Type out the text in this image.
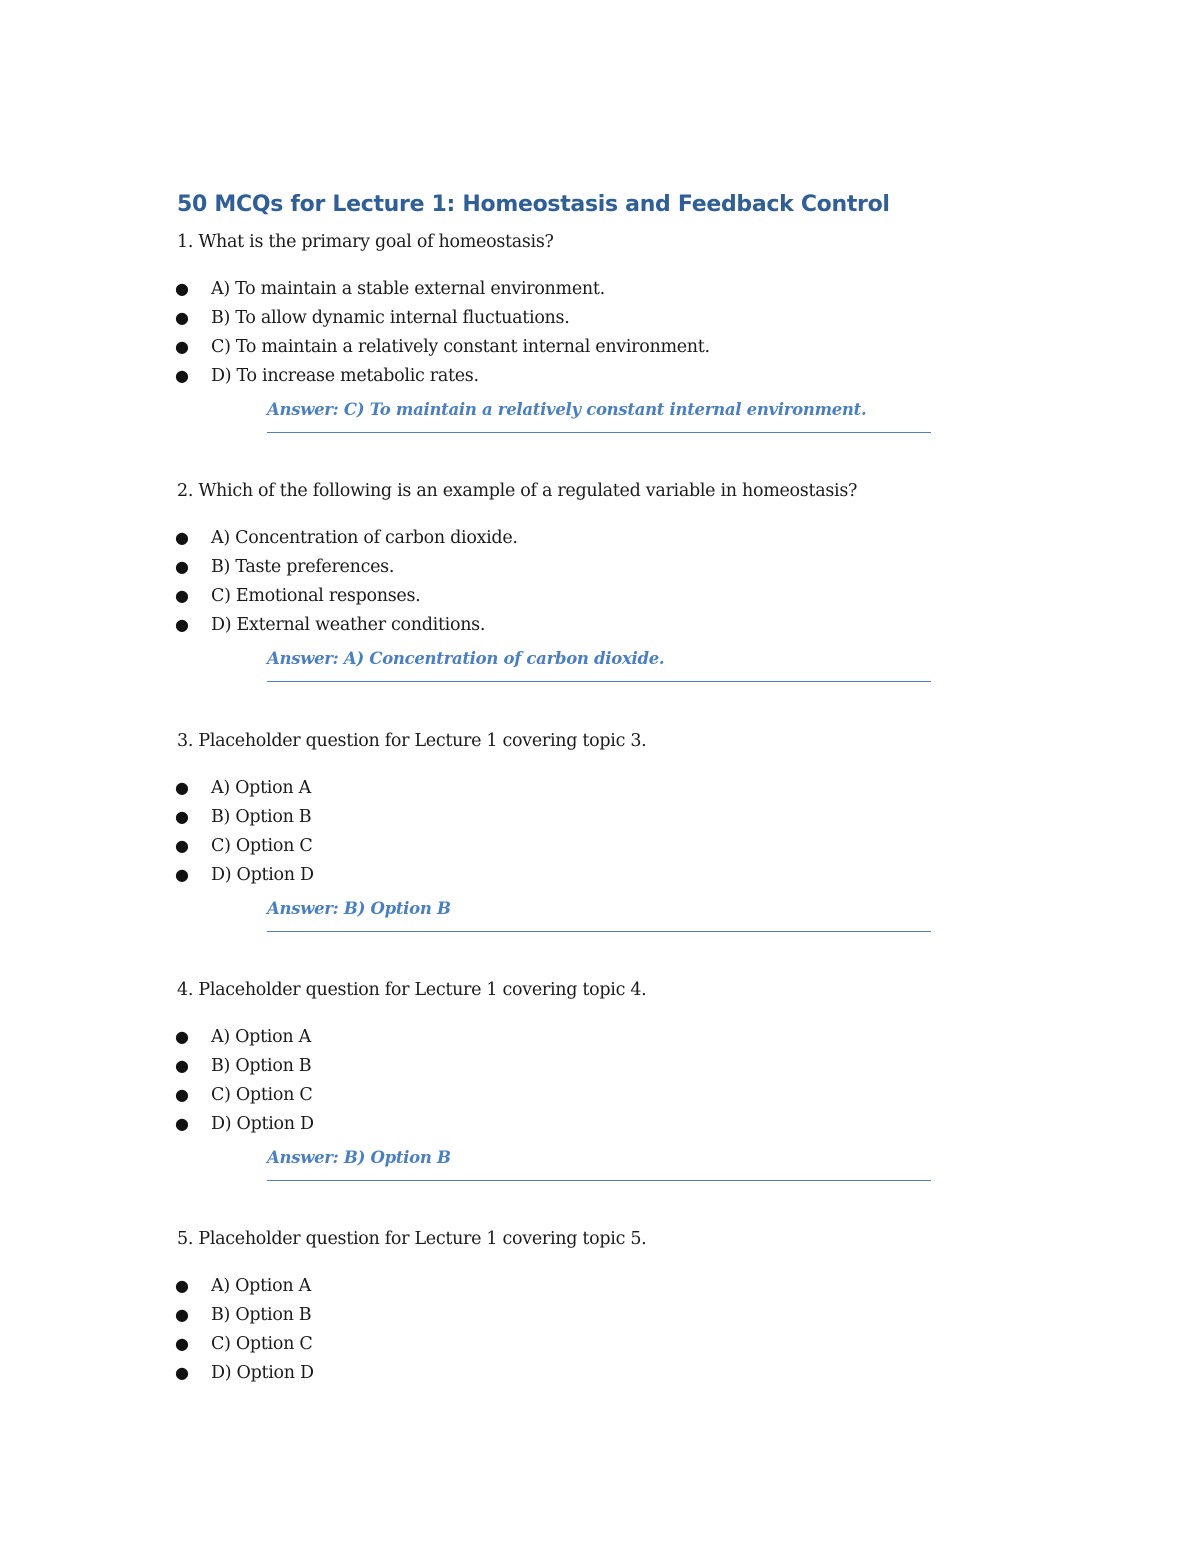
50 MCQs for Lecture 1: Homeostasis and Feedback Control

1. What is the primary goal of homeostasis?

● A) To maintain a stable external environment.
● B) To allow dynamic internal fluctuations.
● C) To maintain a relatively constant internal environment.
● D) To increase metabolic rates.
Answer: C) To maintain a relatively constant internal environment.

2. Which of the following is an example of a regulated variable in homeostasis?

● A) Concentration of carbon dioxide.
● B) Taste preferences.
● C) Emotional responses.
● D) External weather conditions.
Answer: A) Concentration of carbon dioxide.

3. Placeholder question for Lecture 1 covering topic 3.

● A) Option A
● B) Option B
● C) Option C
● D) Option D
Answer: B) Option B

4. Placeholder question for Lecture 1 covering topic 4.

● A) Option A
● B) Option B
● C) Option C
● D) Option D
Answer: B) Option B

5. Placeholder question for Lecture 1 covering topic 5.

● A) Option A
● B) Option B
● C) Option C
● D) Option D
